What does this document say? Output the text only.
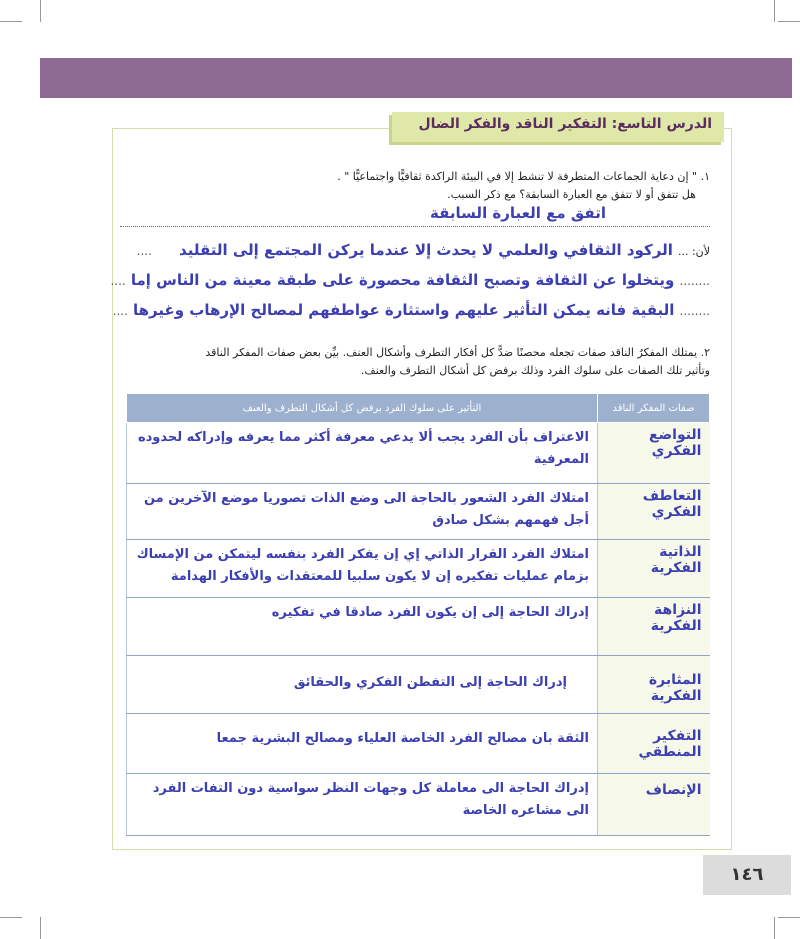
الدرس التاسع: التفكير الناقد والفكر الضال
١. " إن دعاية الجماعات المتطرفة لا تنشط إلا في البيئة الراكدة ثقافيًّا واجتماعيًّا " .
هل تتفق أو لا تتفق مع العبارة السابقة؟ مع ذكر السبب.
اتفق مع العبارة السابقة
لأن: ... الركود الثقافي والعلمي لا يحدث إلا عندما يركن المجتمع إلى التقليد ....
........ ويتخلوا عن الثقافة وتصبح الثقافة محصورة على طبقة معينة من الناس إما ....
........ البقية فانه يمكن التأثير عليهم واستثارة عواطفهم لمصالح الإرهاب وغيرها ....
٢. يمتلك المفكرُ الناقد صفات تجعله محصنًا ضدًّ كل أفكار التطرف وأشكال العنف. بيِّن بعض صفات المفكر الناقد
وتأثير تلك الصفات على سلوك الفرد وذلك برفض كل أشكال التطرف والعنف.
صفات المفكر الناقد	التأثير على سلوك الفرد برفض كل أشكال التطرف والعنف
التواضع الفكري	الاعتراف بأن الفرد يجب ألا يدعي معرفة أكثر مما يعرفه وإدراكه لحدوده المعرفية
التعاطف الفكري	امتلاك الفرد الشعور بالحاجة الى وضع الذات تصوريا موضع الآخرين من أجل فهمهم بشكل صادق
الذاتية الفكرية	امتلاك الفرد القرار الذاتي إي إن يفكر الفرد بنفسه ليتمكن من الإمساك بزمام عمليات تفكيره إن لا يكون سلبيا للمعتقدات والأفكار الهدامة
النزاهة الفكرية	إدراك الحاجة إلى إن يكون الفرد صادقا في تفكيره
المثابرة الفكرية	إدراك الحاجة إلى التفطن الفكري والحقائق
التفكير المنطقي	الثقة بان مصالح الفرد الخاصة العلياء ومصالح البشرية جمعا
الإنصاف	إدراك الحاجة الى معاملة كل وجهات النظر سواسية دون التفات الفرد الى مشاعره الخاصة
١٤٦
